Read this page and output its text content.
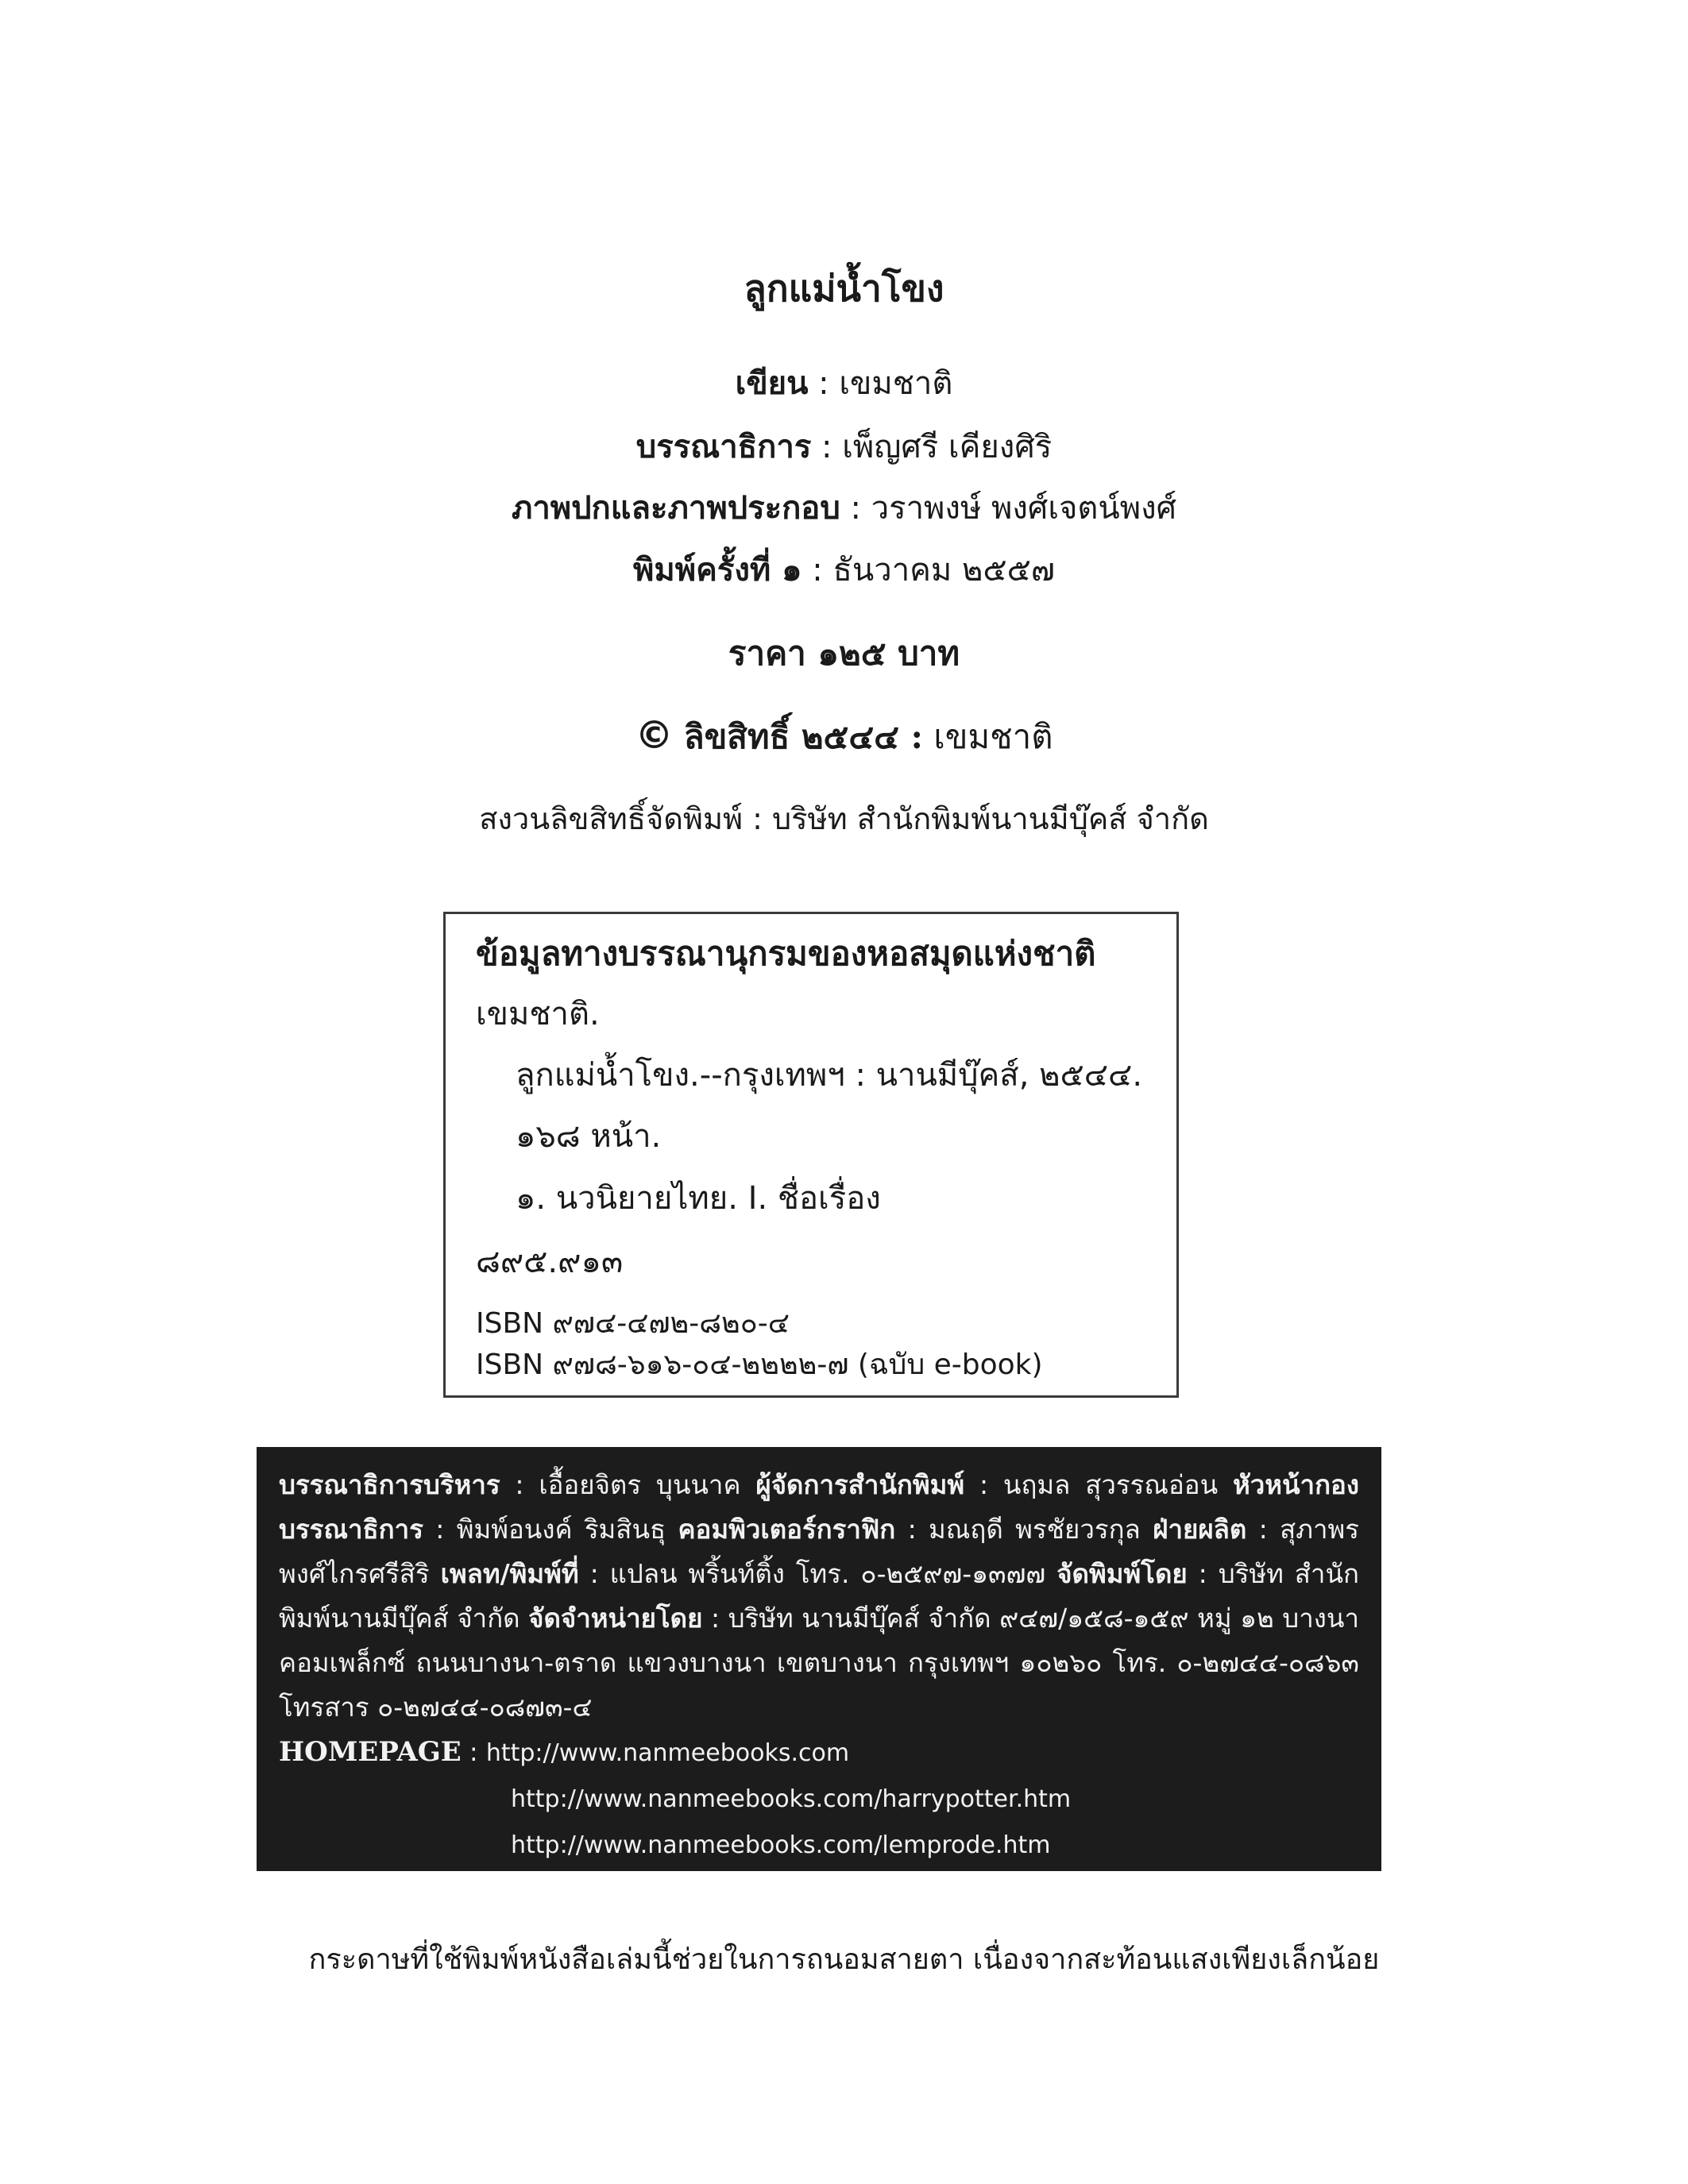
ลูกแม่น้ำโขง
เขียน : เขมชาติ
บรรณาธิการ : เพ็ญศรี เคียงศิริ
ภาพปกและภาพประกอบ : วราพงษ์ พงศ์เจตน์พงศ์
พิมพ์ครั้งที่ ๑ : ธันวาคม ๒๕๕๗
ราคา ๑๒๕ บาท
© ลิขสิทธิ์ ๒๕๔๔ : เขมชาติ
สงวนลิขสิทธิ์จัดพิมพ์ : บริษัท สำนักพิมพ์นานมีบุ๊คส์ จำกัด
ข้อมูลทางบรรณานุกรมของหอสมุดแห่งชาติ
เขมชาติ.
ลูกแม่น้ำโขง.--กรุงเทพฯ : นานมีบุ๊คส์, ๒๕๔๔.
๑๖๘ หน้า.
๑. นวนิยายไทย. I. ชื่อเรื่อง
๘๙๕.๙๑๓
ISBN ๙๗๔-๔๗๒-๘๒๐-๔
ISBN ๙๗๘-๖๑๖-๐๔-๒๒๒๒-๗ (ฉบับ e-book)
บรรณาธิการบริหาร : เอื้อยจิตร บุนนาค ผู้จัดการสำนักพิมพ์ : นฤมล สุวรรณอ่อน หัวหน้ากองบรรณาธิการ : พิมพ์อนงค์ ริมสินธุ คอมพิวเตอร์กราฟิก : มณฤดี พรชัยวรกุล ฝ่ายผลิต : สุภาพร พงศ์ไกรศรีสิริ เพลท/พิมพ์ที่ : แปลน พริ้นท์ติ้ง โทร. ๐-๒๕๙๗-๑๓๗๗ จัดพิมพ์โดย : บริษัท สำนักพิมพ์นานมีบุ๊คส์ จำกัด จัดจำหน่ายโดย : บริษัท นานมีบุ๊คส์ จำกัด ๙๔๗/๑๕๘-๑๕๙ หมู่ ๑๒ บางนาคอมเพล็กซ์ ถนนบางนา-ตราด แขวงบางนา เขตบางนา กรุงเทพฯ ๑๐๒๖๐ โทร. ๐-๒๗๔๔-๐๘๖๓ โทรสาร ๐-๒๗๔๔-๐๘๗๓-๔
HOMEPAGE : http://www.nanmeebooks.com
http://www.nanmeebooks.com/harrypotter.htm
http://www.nanmeebooks.com/lemprode.htm
กระดาษที่ใช้พิมพ์หนังสือเล่มนี้ช่วยในการถนอมสายตา เนื่องจากสะท้อนแสงเพียงเล็กน้อย
